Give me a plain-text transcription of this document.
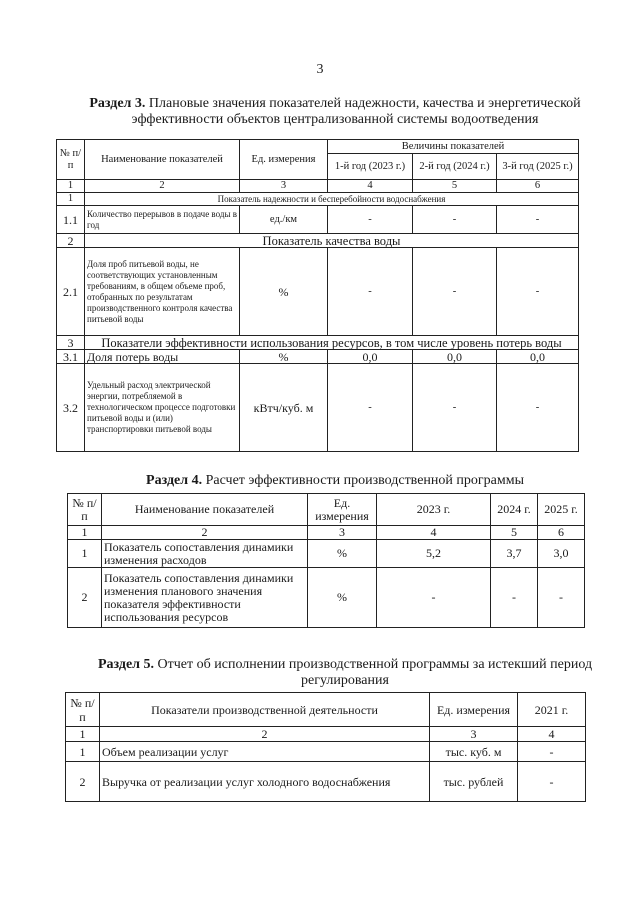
3
Раздел 3. Плановые значения показателей надежности, качества и энергетической эффективности объектов централизованной системы водоотведения
№ п/п	Наименование показателей	Ед. измерения	Величины показателей		
			1-й год (2023 г.)	2-й год (2024 г.)	3-й год (2025 г.)
1	2	3	4	5	6
1	Показатель надежности и бесперебойности водоснабжения				
1.1	Количество перерывов в подаче воды в год	ед./км	-	-	-
2	Показатель качества воды				
2.1	Доля проб питьевой воды, не соответствующих установленным требованиям, в общем объеме проб, отобранных по результатам производственного контроля качества питьевой воды	%	-	-	-
3	Показатели эффективности использования ресурсов, в том числе уровень потерь воды				
3.1	Доля потерь воды	%	0,0	0,0	0,0
3.2	Удельный расход электрической энергии, потребляемой в технологическом процессе подготовки питьевой воды и (или) транспортировки питьевой воды	кВтч/куб. м	-	-	-
Раздел 4. Расчет эффективности производственной программы
№ п/п	Наименование показателей	Ед. измерения	2023 г.	2024 г.	2025 г.
1	2	3	4	5	6
1	Показатель сопоставления динамики изменения расходов	%	5,2	3,7	3,0
2	Показатель сопоставления динамики изменения планового значения показателя эффективности использования ресурсов	%	-	-	-
Раздел 5. Отчет об исполнении производственной программы за истекший период регулирования
№ п/п	Показатели производственной деятельности	Ед. измерения	2021 г.
1	2	3	4
1	Объем реализации услуг	тыс. куб. м	-
2	Выручка от реализации услуг холодного водоснабжения	тыс. рублей	-
